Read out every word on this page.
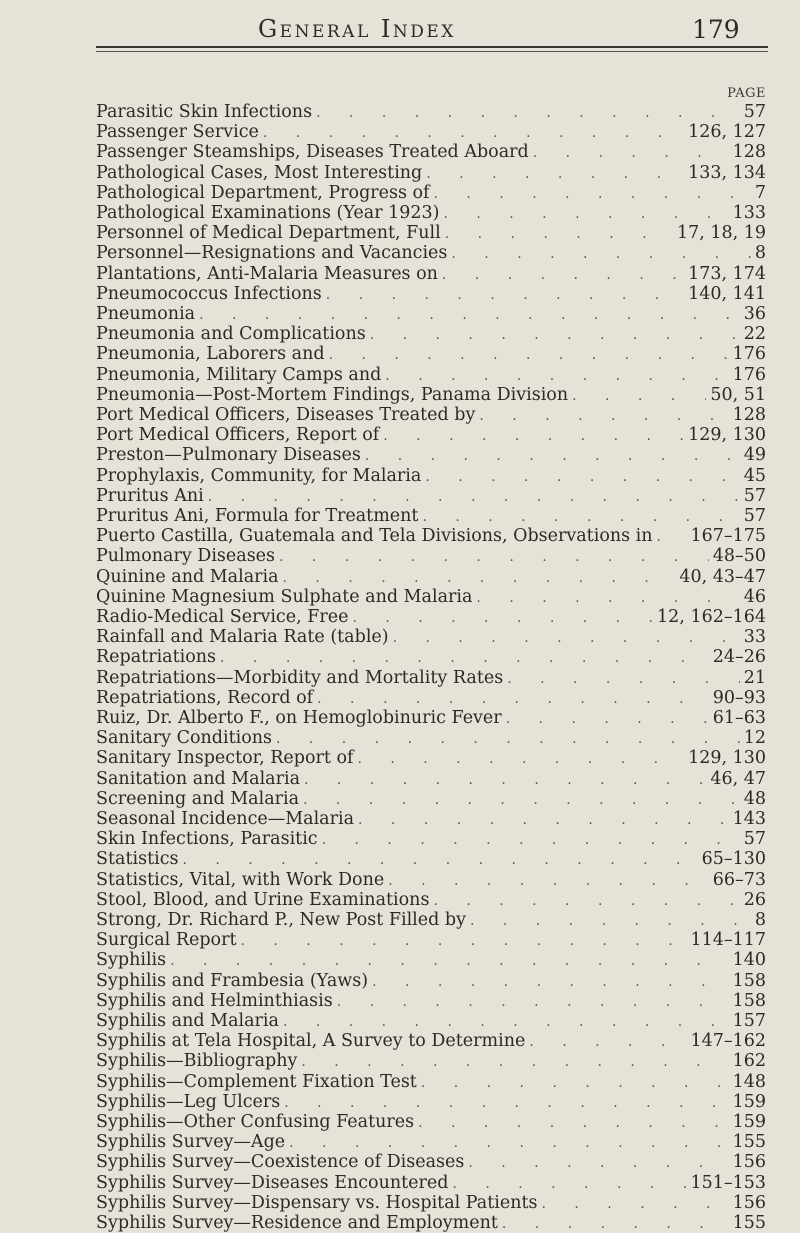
General Index	179
PAGE
Parasitic Skin Infections . . .	57
Passenger Service . . .	126, 127
Passenger Steamships, Diseases Treated Aboard . . .	128
Pathological Cases, Most Interesting . . .	133, 134
Pathological Department, Progress of . . .	7
Pathological Examinations (Year 1923) . . .	133
Personnel of Medical Department, Full . . .	17, 18, 19
Personnel—Resignations and Vacancies . . .	8
Plantations, Anti-Malaria Measures on . . .	173, 174
Pneumococcus Infections . . .	140, 141
Pneumonia . . .	36
Pneumonia and Complications . . .	22
Pneumonia, Laborers and . . .	176
Pneumonia, Military Camps and . . .	176
Pneumonia—Post-Mortem Findings, Panama Division . . .	50, 51
Port Medical Officers, Diseases Treated by . . .	128
Port Medical Officers, Report of . . .	129, 130
Preston—Pulmonary Diseases . . .	49
Prophylaxis, Community, for Malaria . . .	45
Pruritus Ani . . .	57
Pruritus Ani, Formula for Treatment . . .	57
Puerto Castilla, Guatemala and Tela Divisions, Observations in . . . 167–175
Pulmonary Diseases . . .	48–50
Quinine and Malaria . . .	40, 43–47
Quinine Magnesium Sulphate and Malaria . . .	46
Radio-Medical Service, Free . . .	12, 162–164
Rainfall and Malaria Rate (table) . . .	33
Repatriations . . .	24–26
Repatriations—Morbidity and Mortality Rates . . .	21
Repatriations, Record of . . .	90–93
Ruiz, Dr. Alberto F., on Hemoglobinuric Fever . . .	61–63
Sanitary Conditions . . .	12
Sanitary Inspector, Report of . . .	129, 130
Sanitation and Malaria . . .	46, 47
Screening and Malaria . . .	48
Seasonal Incidence—Malaria . . .	143
Skin Infections, Parasitic . . .	57
Statistics . . .	65–130
Statistics, Vital, with Work Done . . .	66–73
Stool, Blood, and Urine Examinations . . .	26
Strong, Dr. Richard P., New Post Filled by . . .	8
Surgical Report . . .	114–117
Syphilis . . .	140
Syphilis and Frambesia (Yaws) . . .	158
Syphilis and Helminthiasis . . .	158
Syphilis and Malaria . . .	157
Syphilis at Tela Hospital, A Survey to Determine . . .	147–162
Syphilis—Bibliography . . .	162
Syphilis—Complement Fixation Test . . .	148
Syphilis—Leg Ulcers . . .	159
Syphilis—Other Confusing Features . . .	159
Syphilis Survey—Age . . .	155
Syphilis Survey—Coexistence of Diseases . . .	156
Syphilis Survey—Diseases Encountered . . .	151–153
Syphilis Survey—Dispensary vs. Hospital Patients . . .	156
Syphilis Survey—Residence and Employment . . .	155
